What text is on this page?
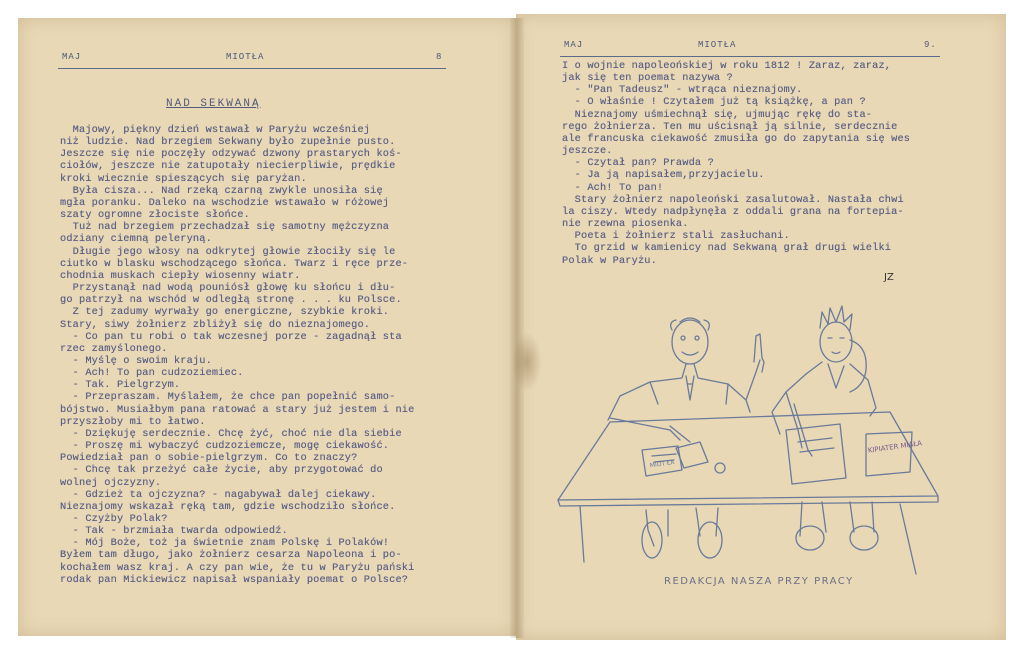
MAJ	MIOTŁA	8
NAD SEKWANĄ
Majowy, piękny dzień wstawał w Paryżu wcześniej
niż ludzie. Nad brzegiem Sekwany było zupełnie pusto.
Jeszcze się nie poczęły odzywać dzwony prastarych koś-
ciołów, jeszcze nie zatupotały niecierpliwie, prędkie
kroki wiecznie spieszących się paryżan.
Była cisza... Nad rzeką czarną zwykle unosiła się
mgła poranku. Daleko na wschodzie wstawało w różowej
szaty ogromne złociste słońce.
Tuż nad brzegiem przechadzał się samotny mężczyzna
odziany ciemną peleryną.
Długie jego włosy na odkrytej głowie złociły się le
ciutko w blasku wschodzącego słońca. Twarz i ręce prze-
chodnia muskach ciepły wiosenny wiatr.
Przystanął nad wodą pouniósł głowę ku słońcu i dłu-
go patrzył na wschód w odległą stronę . . . ku Polsce.
Z tej zadumy wyrwały go energiczne, szybkie kroki.
Stary, siwy żołnierz zbliżył się do nieznajomego.
- Co pan tu robi o tak wczesnej porze - zagadnął sta
rzec zamyślonego.
- Myślę o swoim kraju.
- Ach! To pan cudzoziemiec.
- Tak. Pielgrzym.
- Przepraszam. Myślałem, że chce pan popełnić samo-
bójstwo. Musiałbym pana ratować a stary już jestem i nie
przyszłoby mi to łatwo.
- Dziękuję serdecznie. Chcę żyć, choć nie dla siebie
- Proszę mi wybaczyć cudzoziemcze, mogę ciekawość.
Powiedział pan o sobie-pielgrzym. Co to znaczy?
- Chcę tak przeżyć całe życie, aby przygotować do
wolnej ojczyzny.
- Gdzież ta ojczyzna? - nagabywał dalej ciekawy.
Nieznajomy wskazał ręką tam, gdzie wschodziło słońce.
- Czyżby Polak?
- Tak - brzmiała twarda odpowiedź.
- Mój Boże, toż ja świetnie znam Polskę i Polaków!
Byłem tam długo, jako żołnierz cesarza Napoleona i po-
kochałem wasz kraj. A czy pan wie, że tu w Paryżu pański
rodak pan Mickiewicz napisał wspaniały poemat o Polsce?
MAJ	MIOTŁA	9.
I o wojnie napoleońskiej w roku 1812 ! Zaraz, zaraz,
jak się ten poemat nazywa ?
- "Pan Tadeusz" - wtrąca nieznajomy.
- O właśnie ! Czytałem już tą książkę, a pan ?
Nieznajomy uśmiechnął się, ujmując rękę do sta-
rego żołnierza. Ten mu uścisnął ją silnie, serdecznie
ale francuska ciekawość zmusiła go do zapytania się wes
jeszcze.
- Czytał pan? Prawda ?
- Ja ją napisałem,przyjacielu.
- Ach! To pan!
Stary żołnierz napoleoński zasalutował. Nastała chwi
la ciszy. Wtedy nadpłynęła z oddali grana na fortepia-
nie rzewna piosenka.
Poeta i żołnierz stali zasłuchani.
To grzid w kamienicy nad Sekwaną grał drugi wielki
Polak w Paryżu.
JZ
KIPIATER MIAŁA
MIOT ŁA
REDAKCJA NASZA PRZY PRACY
